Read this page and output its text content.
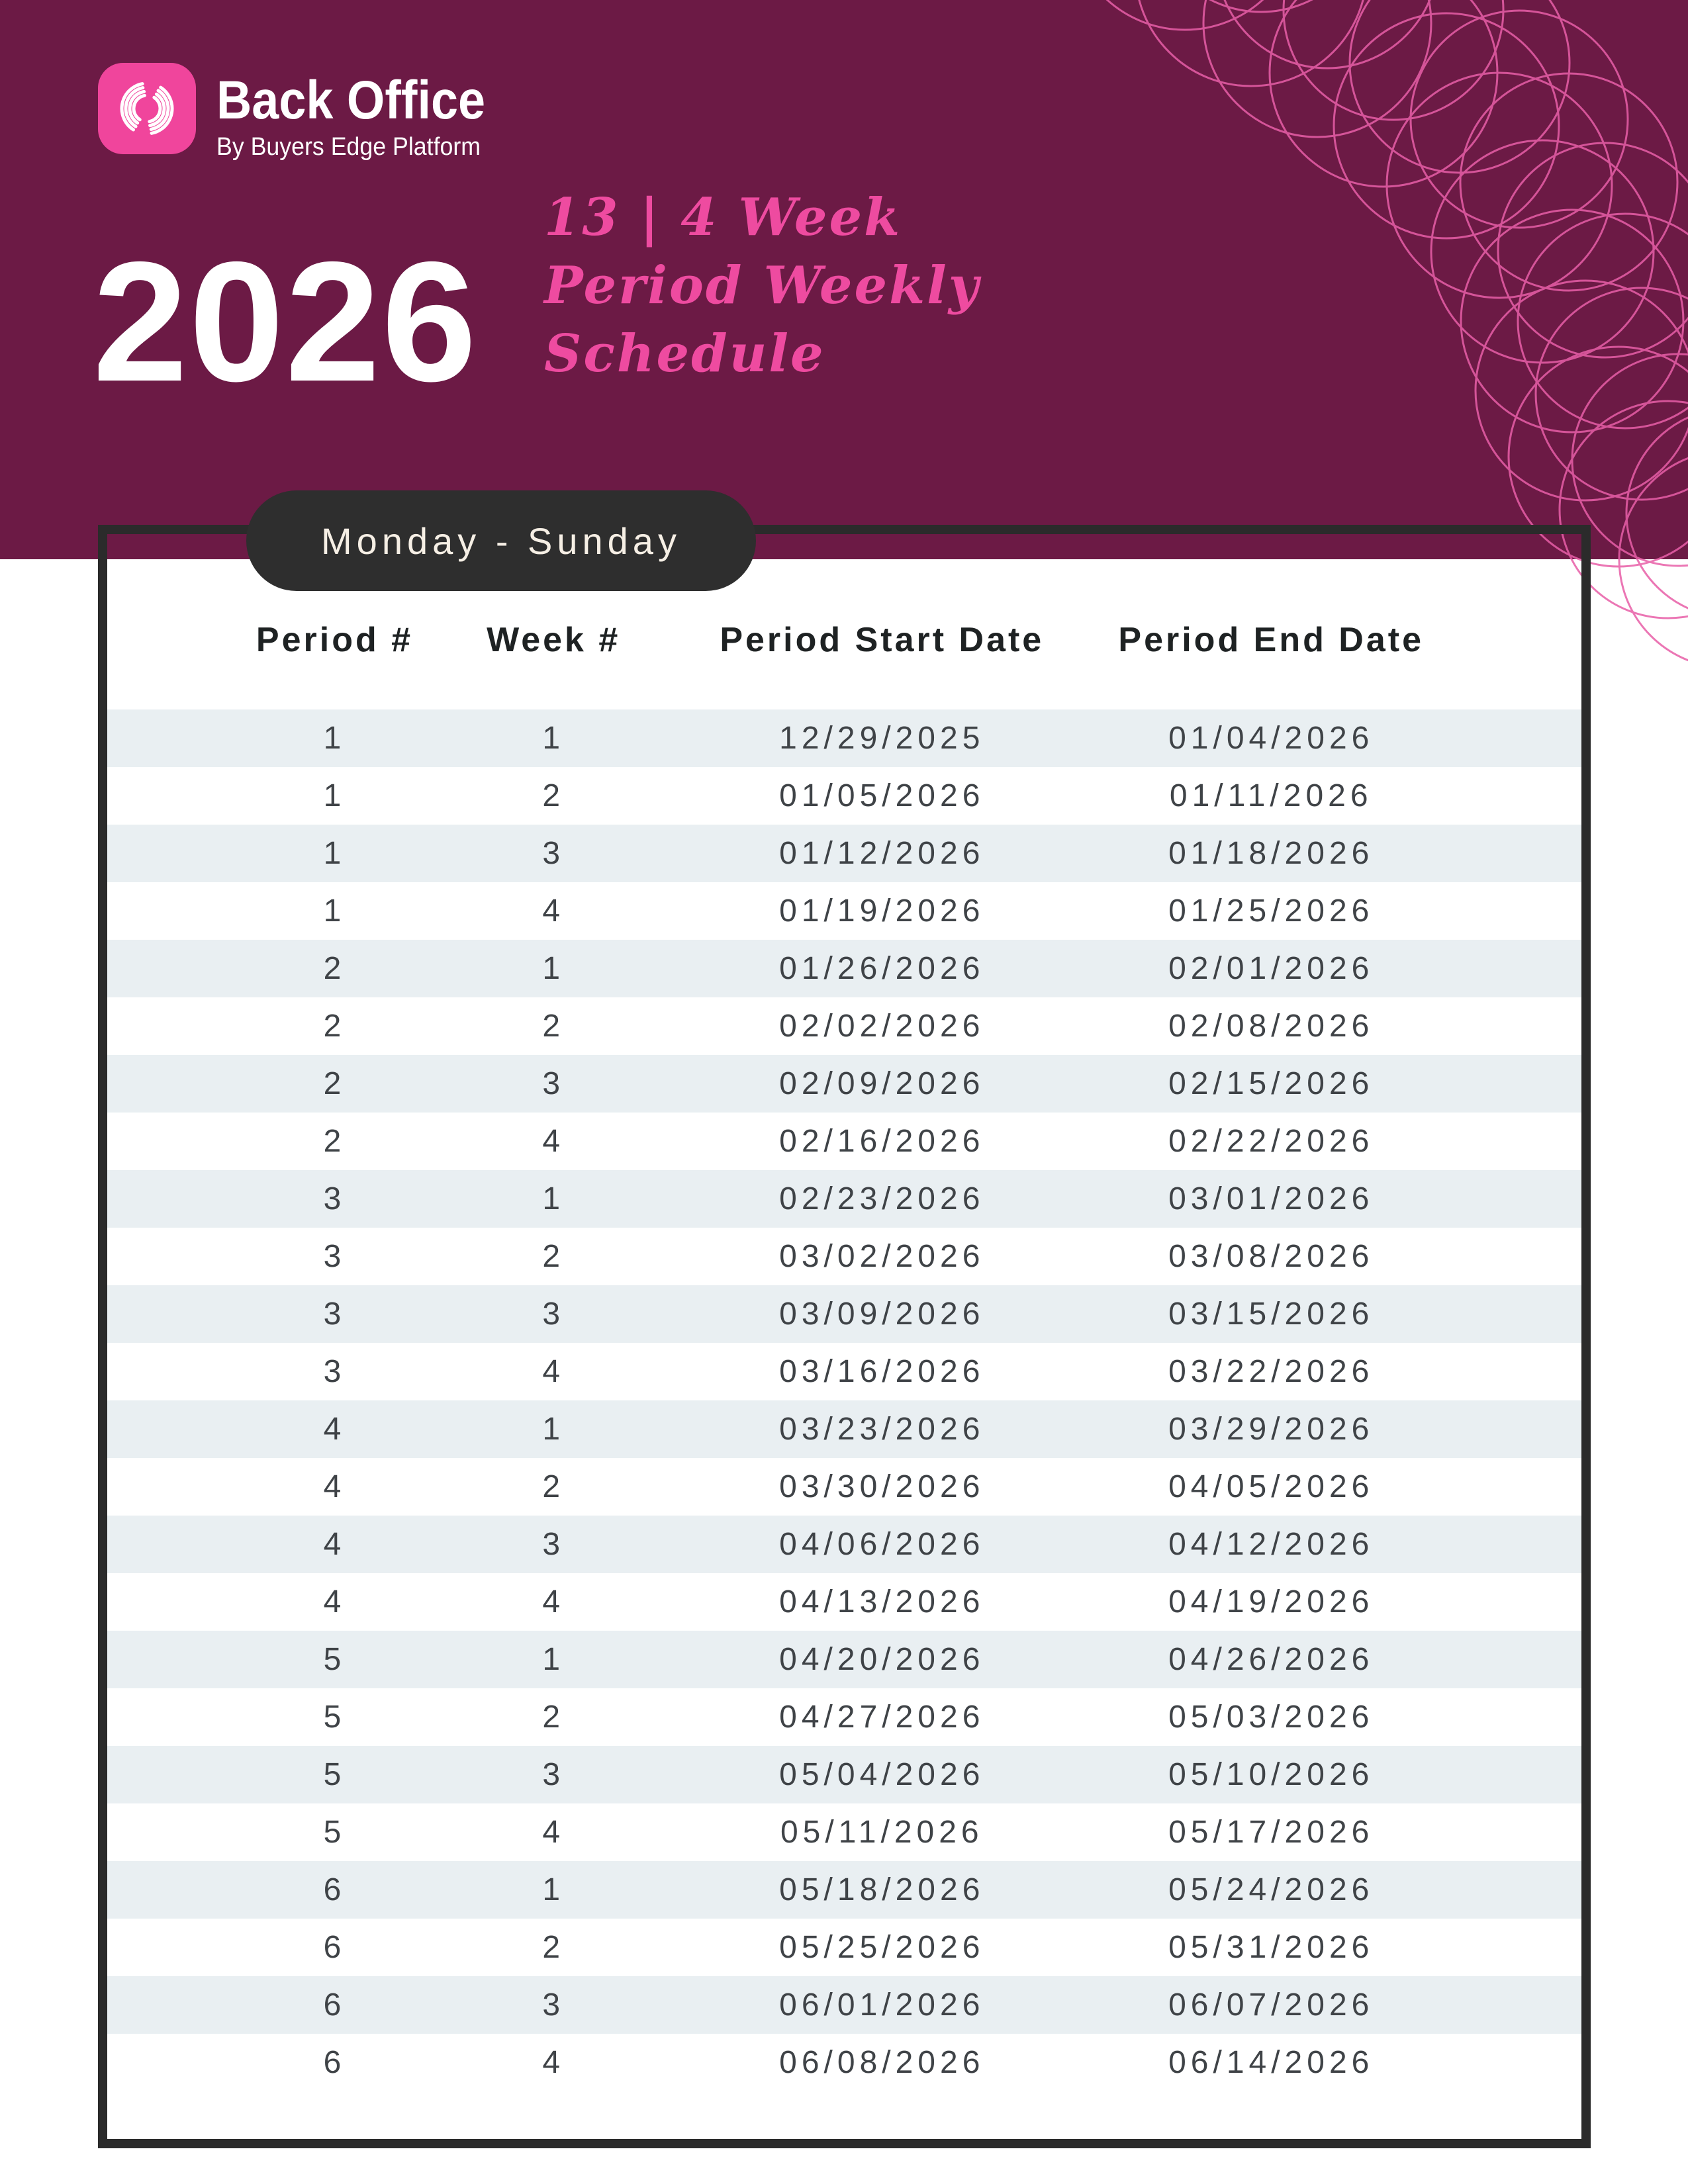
Back Office
By Buyers Edge Platform
2026
13 | 4 Week
Period Weekly
Schedule
Monday - Sunday
Period #	Week #	Period Start Date	Period End Date
1	1	12/29/2025	01/04/2026
1	2	01/05/2026	01/11/2026
1	3	01/12/2026	01/18/2026
1	4	01/19/2026	01/25/2026
2	1	01/26/2026	02/01/2026
2	2	02/02/2026	02/08/2026
2	3	02/09/2026	02/15/2026
2	4	02/16/2026	02/22/2026
3	1	02/23/2026	03/01/2026
3	2	03/02/2026	03/08/2026
3	3	03/09/2026	03/15/2026
3	4	03/16/2026	03/22/2026
4	1	03/23/2026	03/29/2026
4	2	03/30/2026	04/05/2026
4	3	04/06/2026	04/12/2026
4	4	04/13/2026	04/19/2026
5	1	04/20/2026	04/26/2026
5	2	04/27/2026	05/03/2026
5	3	05/04/2026	05/10/2026
5	4	05/11/2026	05/17/2026
6	1	05/18/2026	05/24/2026
6	2	05/25/2026	05/31/2026
6	3	06/01/2026	06/07/2026
6	4	06/08/2026	06/14/2026
